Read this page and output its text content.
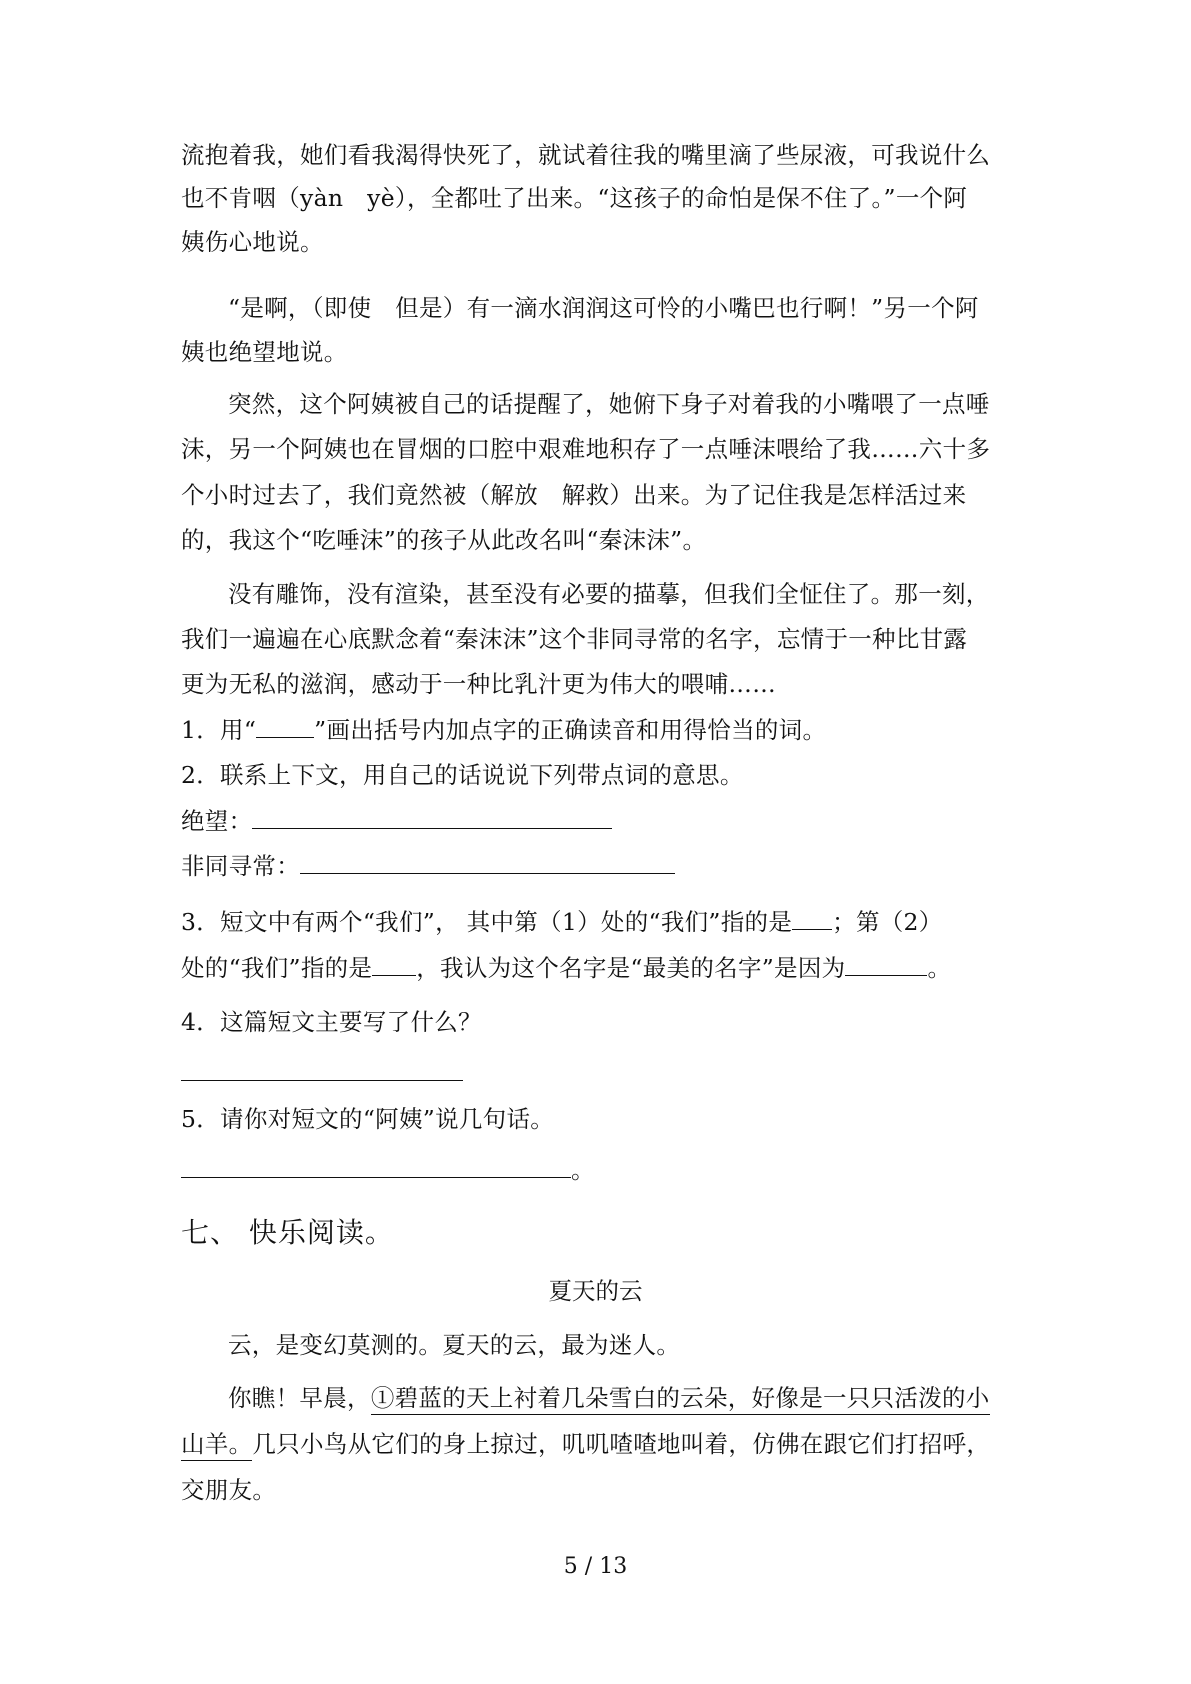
流抱着我，她们看我渴得快死了，就试着往我的嘴里滴了些尿液，可我说什么
也不肯咽（yàn　yè），全都吐了出来。“这孩子的命怕是保不住了。”一个阿
姨伤心地说。
“是啊，（即使　但是）有一滴水润润这可怜的小嘴巴也行啊！”另一个阿
姨也绝望地说。
突然，这个阿姨被自己的话提醒了，她俯下身子对着我的小嘴喂了一点唾
沫，另一个阿姨也在冒烟的口腔中艰难地积存了一点唾沫喂给了我……六十多
个小时过去了，我们竟然被（解放　解救）出来。为了记住我是怎样活过来
的，我这个“吃唾沫”的孩子从此改名叫“秦沫沫”。
没有雕饰，没有渲染，甚至没有必要的描摹，但我们全怔住了。那一刻，
我们一遍遍在心底默念着“秦沫沫”这个非同寻常的名字，忘情于一种比甘露
更为无私的滋润，感动于一种比乳汁更为伟大的喂哺……
1．用“ ”画出括号内加点字的正确读音和用得恰当的词。
2．联系上下文，用自己的话说说下列带点词的意思。
绝望：
非同寻常：
3．短文中有两个“我们”， 其中第（1）处的“我们”指的是 ；第（2）
处的“我们”指的是 ，我认为这个名字是“最美的名字”是因为	。
4．这篇短文主要写了什么？
5．请你对短文的“阿姨”说几句话。
。
七、 快乐阅读。
夏天的云
云，是变幻莫测的。夏天的云，最为迷人。
你瞧！早晨，①碧蓝的天上衬着几朵雪白的云朵，好像是一只只活泼的小
山羊。几只小鸟从它们的身上掠过，叽叽喳喳地叫着，仿佛在跟它们打招呼，
交朋友。
5 / 13
